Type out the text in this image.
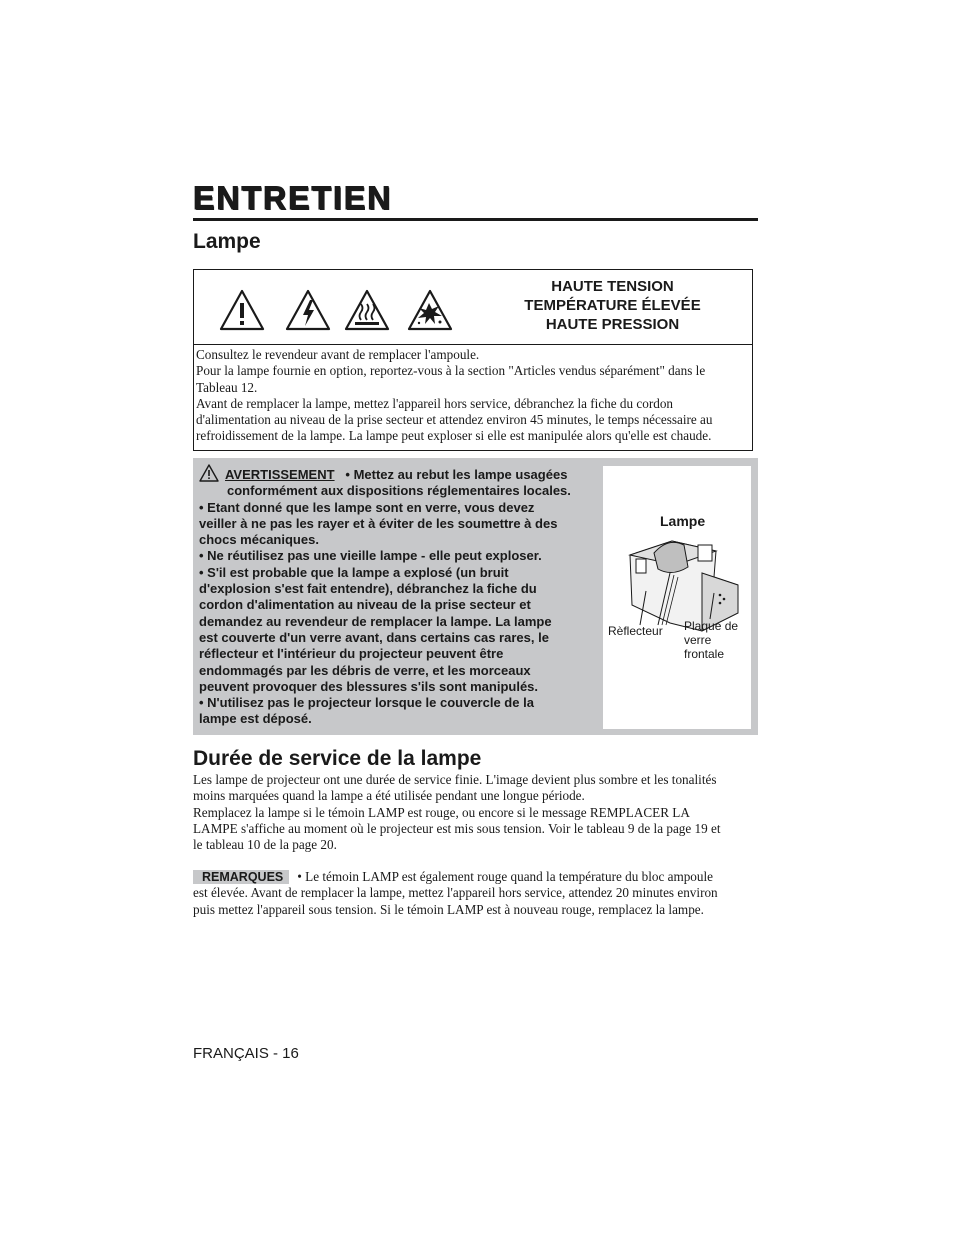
ENTRETIEN
Lampe
HAUTE TENSION
TEMPÉRATURE ÉLEVÉE
HAUTE PRESSION
Consultez le revendeur avant de remplacer l'ampoule.
Pour la lampe fournie en option, reportez-vous à la section "Articles vendus séparément" dans le
Tableau 12.
Avant de remplacer la lampe, mettez l'appareil hors service, débranchez la fiche du cordon
d'alimentation au niveau de la prise secteur et attendez environ 45 minutes, le temps nécessaire au
refroidissement de la lampe. La lampe peut exploser si elle est manipulée alors qu'elle est chaude.
AVERTISSEMENT • Mettez au rebut les lampe usagées
conformément aux dispositions réglementaires locales.
• Etant donné que les lampe sont en verre, vous devez
veiller à ne pas les rayer et à éviter de les soumettre à des
chocs mécaniques.
• Ne réutilisez pas une vieille lampe - elle peut exploser.
• S'il est probable que la lampe a explosé (un bruit
d'explosion s'est fait entendre), débranchez la fiche du
cordon d'alimentation au niveau de la prise secteur et
demandez au revendeur de remplacer la lampe. La lampe
est couverte d'un verre avant, dans certains cas rares, le
réflecteur et l'intérieur du projecteur peuvent être
endommagés par les débris de verre, et les morceaux
peuvent provoquer des blessures s'ils sont manipulés.
• N'utilisez pas le projecteur lorsque le couvercle de la
lampe est déposé.
Lampe
Rèflecteur Plaque de
verre
frontale
Durée de service de la lampe

Les lampe de projecteur ont une durée de service finie. L'image devient plus sombre et les tonalités

moins marquées quand la lampe a été utilisée pendant une longue période.

Remplacez la lampe si le témoin LAMP est rouge, ou encore si le message REMPLACER LA

LAMPE s'affiche au moment où le projecteur est mis sous tension. Voir le tableau 9 de la page 19 et

le tableau 10 de la page 20.

REMARQUES • Le témoin LAMP est également rouge quand la température du bloc ampoule
est élevée. Avant de remplacer la lampe, mettez l'appareil hors service, attendez 20 minutes environ
puis mettez l'appareil sous tension. Si le témoin LAMP est à nouveau rouge, remplacez la lampe.
FRANÇAIS - 16
